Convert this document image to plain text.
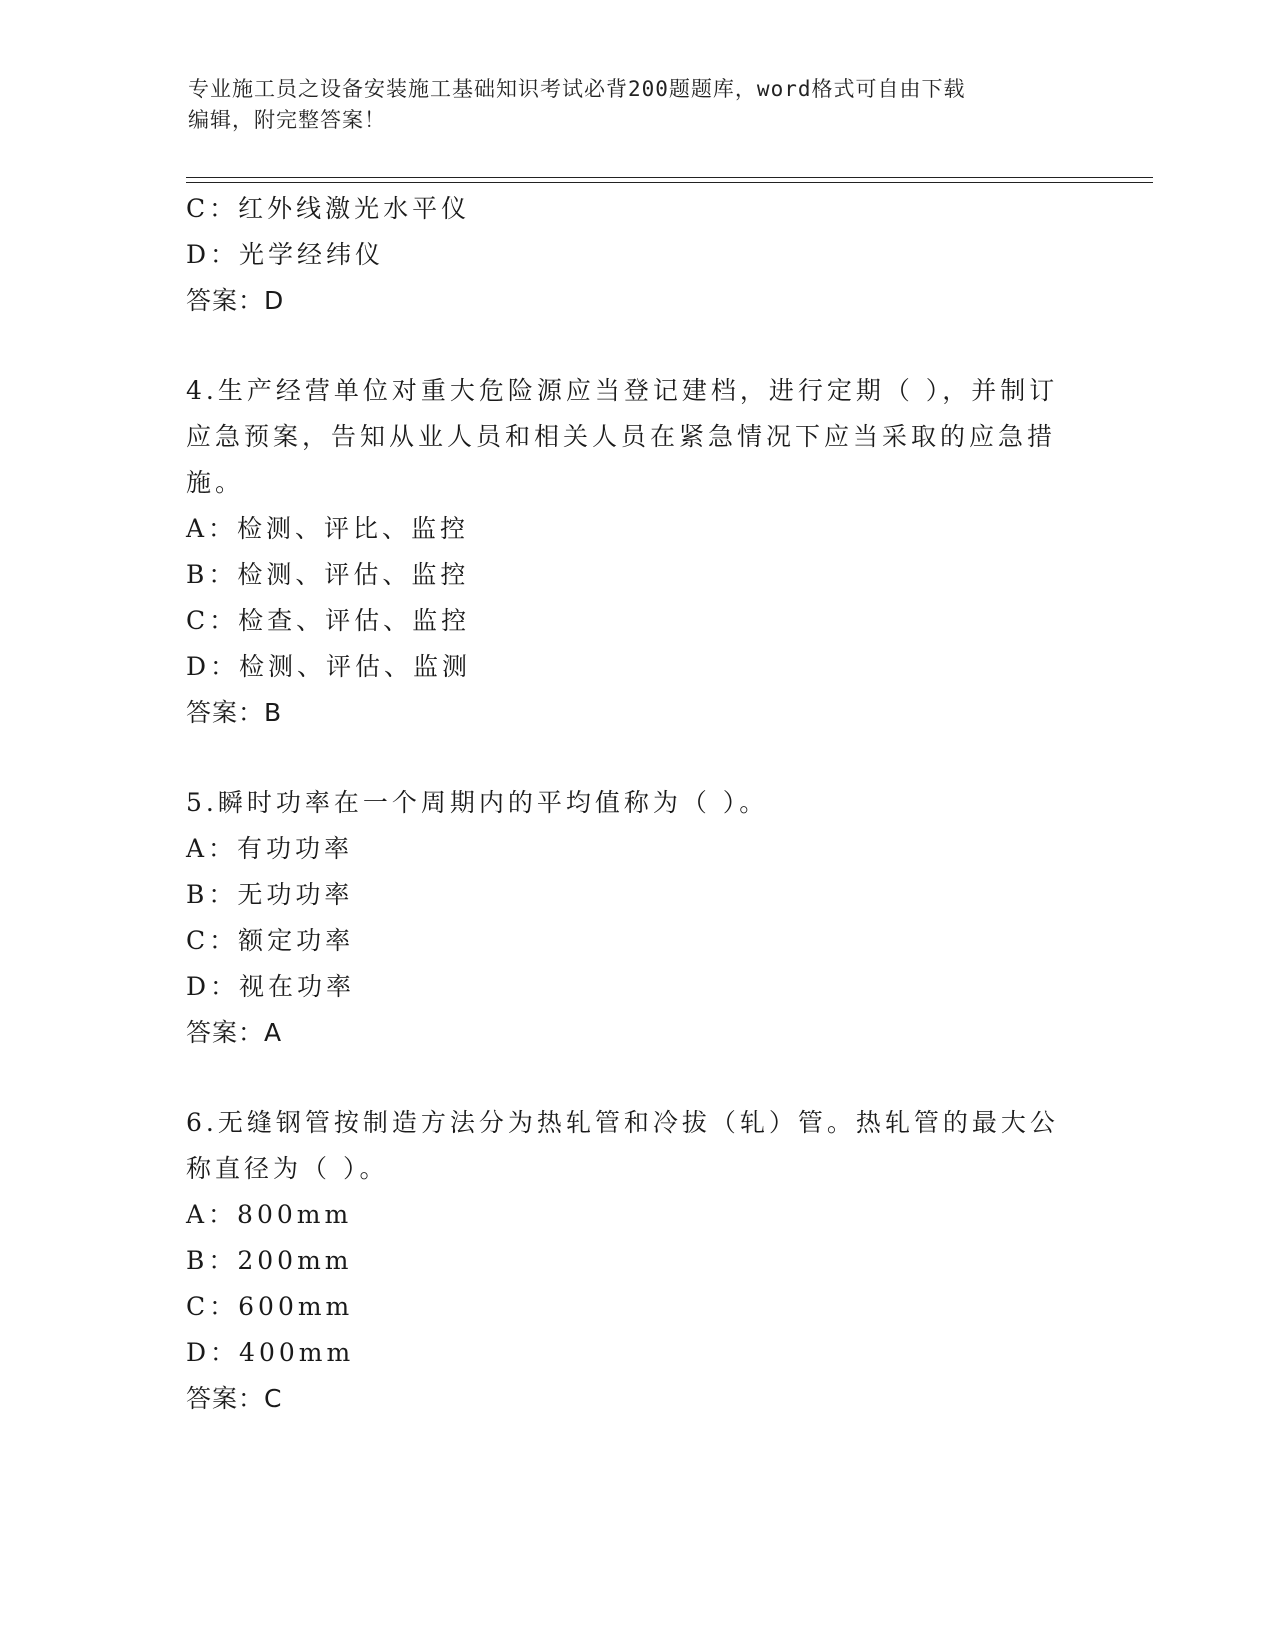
专业施工员之设备安装施工基础知识考试必背200题题库，word格式可自由下载
编辑，附完整答案！
C：红外线激光水平仪
D：光学经纬仪
答案：D
4.生产经营单位对重大危险源应当登记建档，进行定期（ ），并制订
应急预案，告知从业人员和相关人员在紧急情况下应当采取的应急措
施。
A：检测、评比、监控
B：检测、评估、监控
C：检查、评估、监控
D：检测、评估、监测
答案：B
5.瞬时功率在一个周期内的平均值称为（ ）。
A：有功功率
B：无功功率
C：额定功率
D：视在功率
答案：A
6.无缝钢管按制造方法分为热轧管和冷拔（轧）管。热轧管的最大公
称直径为（ ）。
A：800mm
B：200mm
C：600mm
D：400mm
答案：C
